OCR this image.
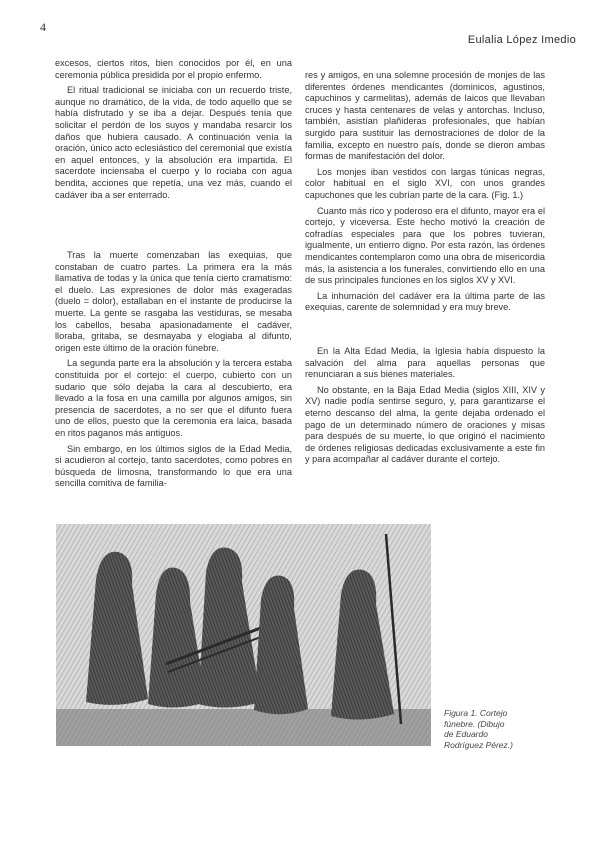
4
Eulalia López Imedio

excesos, ciertos ritos, bien conocidos por él, en una ceremonia pública presidida por el propio enfermo.

El ritual tradicional se iniciaba con un recuerdo triste, aunque no dramático, de la vida, de todo aquello que se había disfrutado y se iba a dejar. Después tenía que solicitar el perdón de los suyos y mandaba resarcir los daños que hubiera causado. A continuación venía la oración, único acto eclesiástico del ceremonial que existía en aquel entonces, y la absolución era impartida. El sacerdote inciensaba el cuerpo y lo rociaba con agua bendita, acciones que repetía, una vez más, cuando el cadáver iba a ser enterrado.

Tras la muerte comenzaban las exequias, que constaban de cuatro partes. La primera era la más llamativa de todas y la única que tenía cierto cramatismo: el duelo. Las expresiones de dolor más exageradas (duelo = dolor), estallaban en el instante de producirse la muerte. La gente se rasgaba las vestiduras, se mesaba los cabellos, besaba apasionadamente el cadáver, lloraba, gritaba, se desmayaba y elogiaba al difunto, origen este último de la oración fúnebre.

La segunda parte era la absolución y la tercera estaba constituida por el cortejo: el cuerpo, cubierto con un sudario que sólo dejaba la cara al descubierto, era llevado a la fosa en una camilla por algunos amigos, sin presencia de sacerdotes, a no ser que el difunto fuera uno de ellos, puesto que la ceremonia era laica, basada en ritos paganos más antiguos.

Sin embargo, en los últimos siglos de la Edad Media, si acudieron al cortejo, tanto sacerdotes, como pobres en búsqueda de limosna, transformando lo que era una sencilla comitiva de familia-

res y amigos, en una solemne procesión de monjes de las diferentes órdenes mendicantes (dominicos, agustinos, capuchinos y carmelitas), además de laicos que llevaban cruces y hasta centenares de velas y antorchas. Incluso, también, asistían plañideras profesionales, que habían surgido para sustituir las demostraciones de dolor de la familia, excepto en nuestro país, donde se dieron ambas formas de manifestación del dolor.

Los monjes iban vestidos con largas túnicas negras, color habitual en el siglo XVI, con unos grandes capuchones que les cubrían parte de la cara. (Fig. 1.)

Cuanto más rico y poderoso era el difunto, mayor era el cortejo, y viceversa. Este hecho motivó la creación de cofradías especiales para que los pobres tuvieran, igualmente, un entierro digno. Por esta razón, las órdenes mendicantes contemplaron como una obra de misericordia más, la asistencia a los funerales, convirtiendo ello en una de sus principales funciones en los siglos XV y XVI.

La inhumación del cadáver era la última parte de las exequias, carente de solemnidad y era muy breve.

En la Alta Edad Media, la Iglesia había dispuesto la salvación del alma para aquellas personas que renunciaran a sus bienes materiales.

No obstante, en la Baja Edad Media (siglos XIII, XIV y XV) nadie podía sentirse seguro, y, para garantizarse el eterno descanso del alma, la gente dejaba ordenado el pago de un determinado número de oraciones y misas para después de su muerte, lo que originó el nacimiento de órdenes religiosas dedicadas exclusivamente a este fin y para acompañar al cadáver durante el cortejo.

Figura 1. Cortejo
fúnebre. (Dibujo
de Eduardo
Rodríguez Pérez.)
